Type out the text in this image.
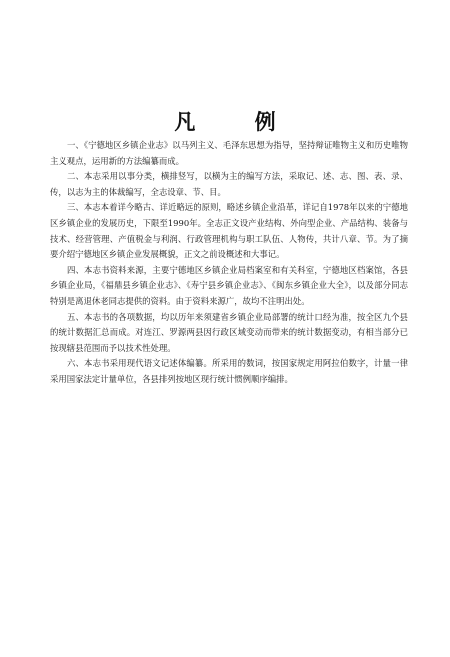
凡 例

一、《宁德地区乡镇企业志》以马列主义、毛泽东思想为指导，坚持辩证唯物主义和历史唯物主义观点，运用新的方法编纂而成。

二、本志采用以事分类，横排竖写，以横为主的编写方法，采取记、述、志、图、表、录、传，以志为主的体裁编写，全志设章、节、目。

三、本志本着详今略古、详近略远的原则，略述乡镇企业沿革，详记自1978年以来的宁德地区乡镇企业的发展历史，下限至1990年。全志正文设产业结构、外向型企业、产品结构、装备与技术、经营管理、产值税金与利润、行政管理机构与职工队伍、人物传，共计八章、节。为了摘要介绍宁德地区乡镇企业发展概貌，正文之前设概述和大事记。

四、本志书资料来源，主要宁德地区乡镇企业局档案室和有关科室，宁德地区档案馆，各县乡镇企业局，《福鼎县乡镇企业志》、《寿宁县乡镇企业志》、《闽东乡镇企业大全》，以及部分同志特别是离退休老同志提供的资料。由于资料来源广，故均不注明出处。

五、本志书的各项数据，均以历年来须建省乡镇企业局部署的统计口经为准，按全区九个县的统计数据汇总而成。对连江、罗源两县因行政区域变动而带来的统计数据变动，有相当部分已按现辖县范围而予以技术性处理。

六、本志书采用现代语文记述体编纂。所采用的数词，按国家规定用阿拉伯数字，计量一律采用国家法定计量单位，各县排列按地区现行统计惯例顺序编排。
